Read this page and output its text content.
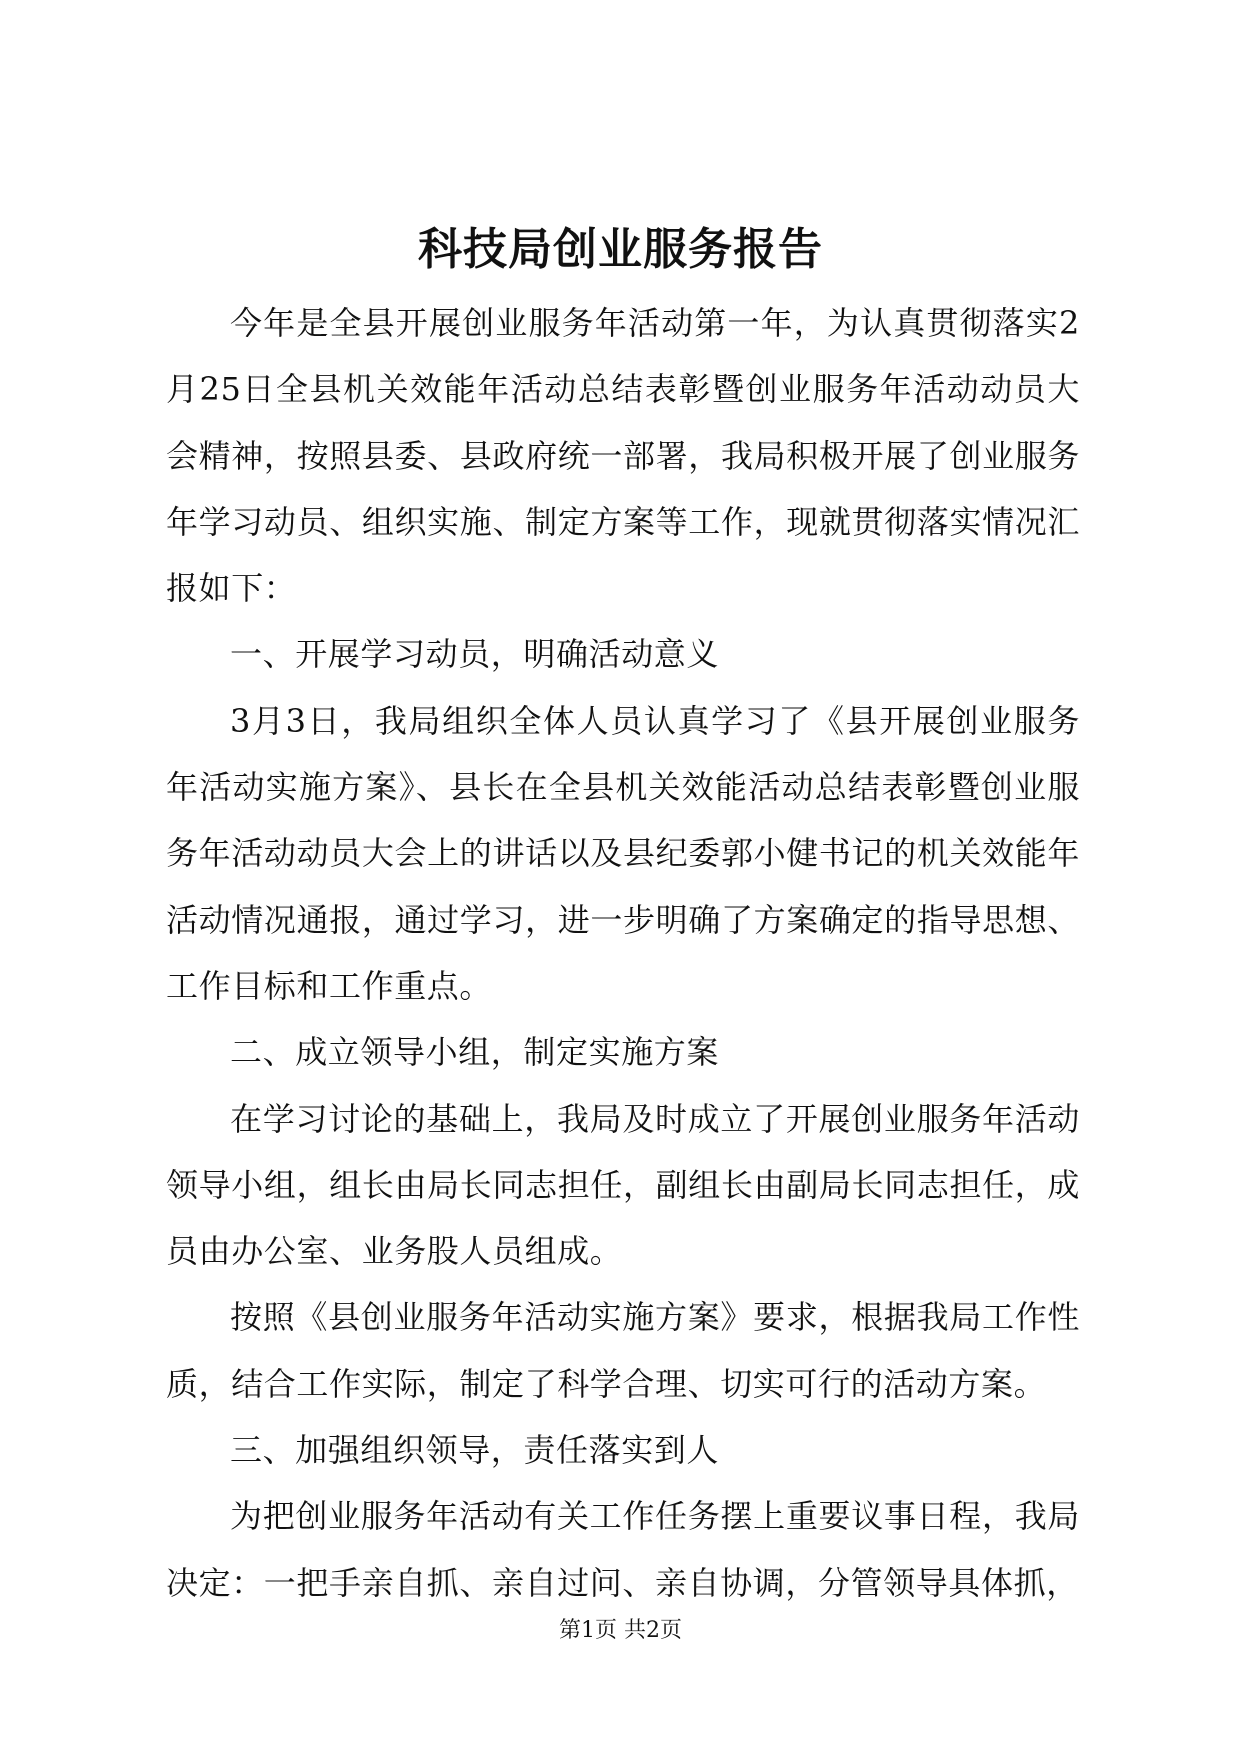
科技局创业服务报告

今年是全县开展创业服务年活动第一年，为认真贯彻落实2月25日全县机关效能年活动总结表彰暨创业服务年活动动员大会精神，按照县委、县政府统一部署，我局积极开展了创业服务年学习动员、组织实施、制定方案等工作，现就贯彻落实情况汇报如下：

一、开展学习动员，明确活动意义

3月3日，我局组织全体人员认真学习了《县开展创业服务年活动实施方案》、县长在全县机关效能活动总结表彰暨创业服务年活动动员大会上的讲话以及县纪委郭小健书记的机关效能年活动情况通报，通过学习，进一步明确了方案确定的指导思想、工作目标和工作重点。

二、成立领导小组，制定实施方案

在学习讨论的基础上，我局及时成立了开展创业服务年活动领导小组，组长由局长同志担任，副组长由副局长同志担任，成员由办公室、业务股人员组成。

按照《县创业服务年活动实施方案》要求，根据我局工作性质，结合工作实际，制定了科学合理、切实可行的活动方案。

三、加强组织领导，责任落实到人

为把创业服务年活动有关工作任务摆上重要议事日程，我局决定：一把手亲自抓、亲自过问、亲自协调，分管领导具体抓，

第1页 共2页
